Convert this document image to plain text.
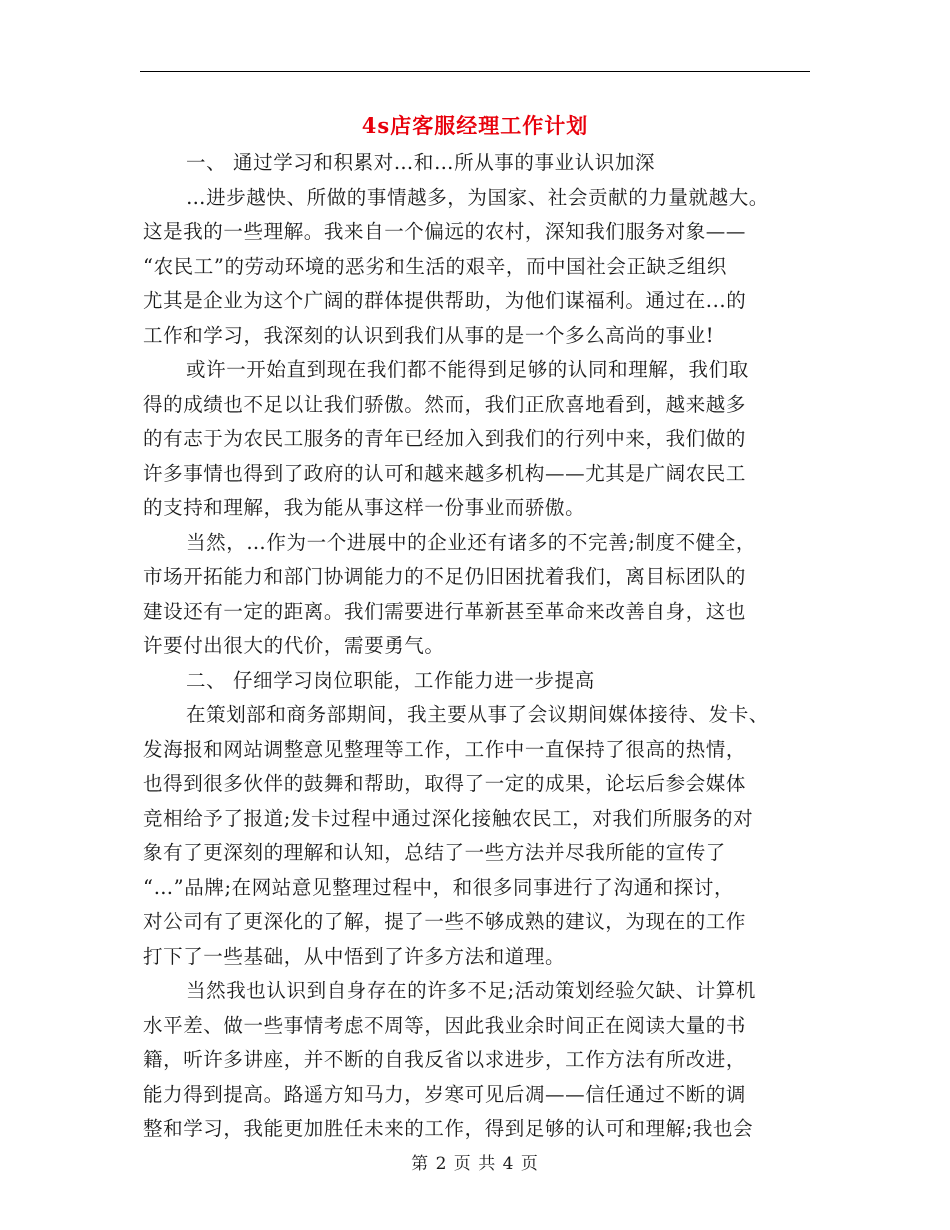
4s店客服经理工作计划
一、 通过学习和积累对…和…所从事的事业认识加深
…进步越快、所做的事情越多，为国家、社会贡献的力量就越大。
这是我的一些理解。我来自一个偏远的农村，深知我们服务对象——
“农民工”的劳动环境的恶劣和生活的艰辛，而中国社会正缺乏组织
尤其是企业为这个广阔的群体提供帮助，为他们谋福利。通过在...的
工作和学习，我深刻的认识到我们从事的是一个多么高尚的事业!
或许一开始直到现在我们都不能得到足够的认同和理解，我们取
得的成绩也不足以让我们骄傲。然而，我们正欣喜地看到，越来越多
的有志于为农民工服务的青年已经加入到我们的行列中来，我们做的
许多事情也得到了政府的认可和越来越多机构——尤其是广阔农民工
的支持和理解，我为能从事这样一份事业而骄傲。
当然，…作为一个进展中的企业还有诸多的不完善;制度不健全，
市场开拓能力和部门协调能力的不足仍旧困扰着我们，离目标团队的
建设还有一定的距离。我们需要进行革新甚至革命来改善自身，这也
许要付出很大的代价，需要勇气。
二、 仔细学习岗位职能，工作能力进一步提高
在策划部和商务部期间，我主要从事了会议期间媒体接待、发卡、
发海报和网站调整意见整理等工作，工作中一直保持了很高的热情，
也得到很多伙伴的鼓舞和帮助，取得了一定的成果，论坛后参会媒体
竞相给予了报道;发卡过程中通过深化接触农民工，对我们所服务的对
象有了更深刻的理解和认知，总结了一些方法并尽我所能的宣传了
“…”品牌;在网站意见整理过程中，和很多同事进行了沟通和探讨，
对公司有了更深化的了解，提了一些不够成熟的建议，为现在的工作
打下了一些基础，从中悟到了许多方法和道理。
当然我也认识到自身存在的许多不足;活动策划经验欠缺、计算机
水平差、做一些事情考虑不周等，因此我业余时间正在阅读大量的书
籍，听许多讲座，并不断的自我反省以求进步，工作方法有所改进，
能力得到提高。路遥方知马力，岁寒可见后凋——信任通过不断的调
整和学习，我能更加胜任未来的工作，得到足够的认可和理解;我也会
第 2 页 共 4 页
